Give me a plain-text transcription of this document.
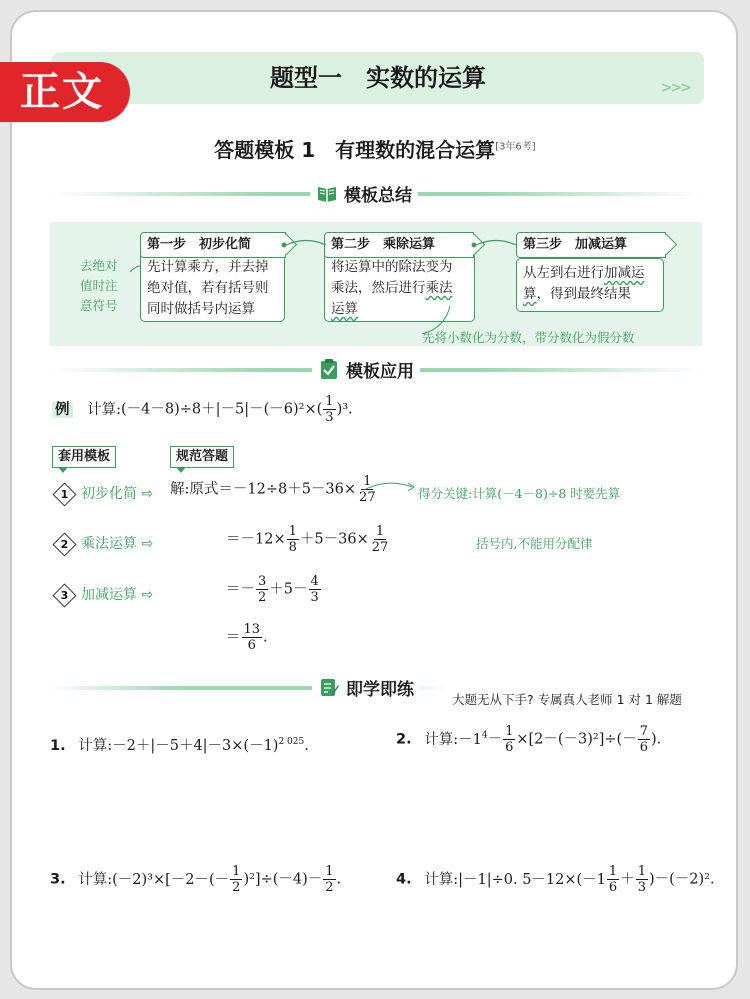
正文	题型一　实数的运算	>>>
答题模板 1　有理数的混合运算[3年6考]
模板总结
去绝对
值时注
意符号
先计算乘方，并去掉
绝对值，若有括号则
同时做括号内运算
第一步　初步化简
将运算中的除法变为
乘法，然后进行乘法
运算
第二步　乘除运算
从左到右进行加减运
算，得到最终结果
第三步　加减运算
先将小数化为分数，带分数化为假分数
模板应用
例 计算:(－4－8)÷8＋|－5|－(－6)²×( $\frac{1}{3} )^3$.
套用模板	规范答题
1 初步化简 ⇨ 解:原式$=-12\div 8+5-36\times \frac{1}{27}$	得分关键:计算(－4－8)÷8 时要先算
2 乘法运算 ⇨	$=-12\times \frac{1}{8} +5-36\times \frac{1}{27}$	括号内,不能用分配律
3 加减运算 ⇨	＝－ $\frac{3}{2} +5- \frac{4}{3}$
＝ $\frac{13}{6}$ .
即学即练	大题无从下手? 专属真人老师 1 对 1 解题
1. 计算$:-2+|-5+4|-3\times(-1)^{2 025}$.	2. 计算$:-1^4- \frac{1}{6} \times[2-(-3)^2]\div(- \frac{7}{6}$ ).
3. 计算:(－2)³×[－2－(－ $\frac{1}{2} )^2]\div(-4)- \frac{1}{2}$ .	4. 计算:|－1|÷0. $5-12\times(-1 \frac{1}{6} + \frac{1}{3} )-(-2)^2$.
